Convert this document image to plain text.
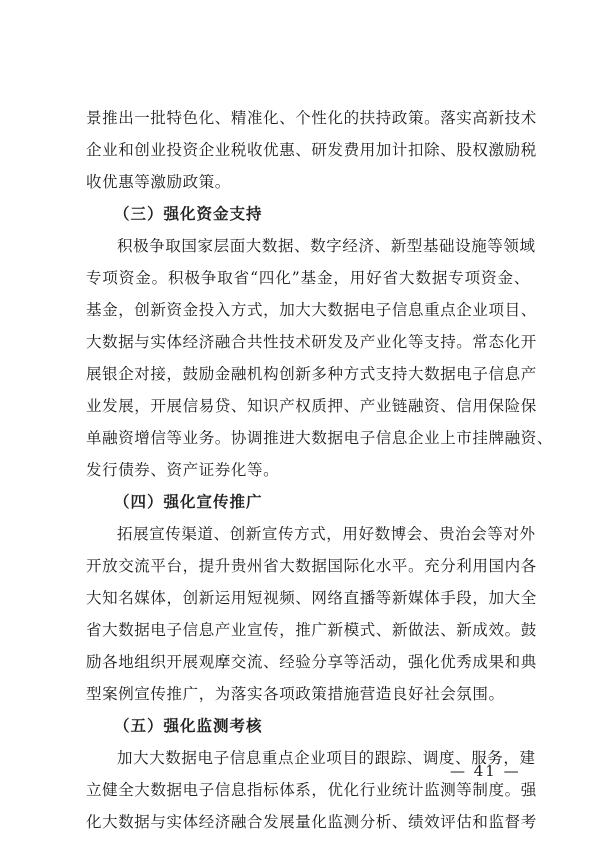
景推出一批特色化、精准化、个性化的扶持政策。落实高新技术
企业和创业投资企业税收优惠、研发费用加计扣除、股权激励税
收优惠等激励政策。
（三）强化资金支持
积极争取国家层面大数据、数字经济、新型基础设施等领域
专项资金。积极争取省“四化”基金，用好省大数据专项资金、
基金，创新资金投入方式，加大大数据电子信息重点企业项目、
大数据与实体经济融合共性技术研发及产业化等支持。常态化开
展银企对接，鼓励金融机构创新多种方式支持大数据电子信息产
业发展，开展信易贷、知识产权质押、产业链融资、信用保险保
单融资增信等业务。协调推进大数据电子信息企业上市挂牌融资、
发行债券、资产证券化等。
（四）强化宣传推广
拓展宣传渠道、创新宣传方式，用好数博会、贵治会等对外
开放交流平台，提升贵州省大数据国际化水平。充分利用国内各
大知名媒体，创新运用短视频、网络直播等新媒体手段，加大全
省大数据电子信息产业宣传，推广新模式、新做法、新成效。鼓
励各地组织开展观摩交流、经验分享等活动，强化优秀成果和典
型案例宣传推广，为落实各项政策措施营造良好社会氛围。
（五）强化监测考核
加大大数据电子信息重点企业项目的跟踪、调度、服务，建
立健全大数据电子信息指标体系，优化行业统计监测等制度。强
化大数据与实体经济融合发展量化监测分析、绩效评估和监督考
— 41 —
